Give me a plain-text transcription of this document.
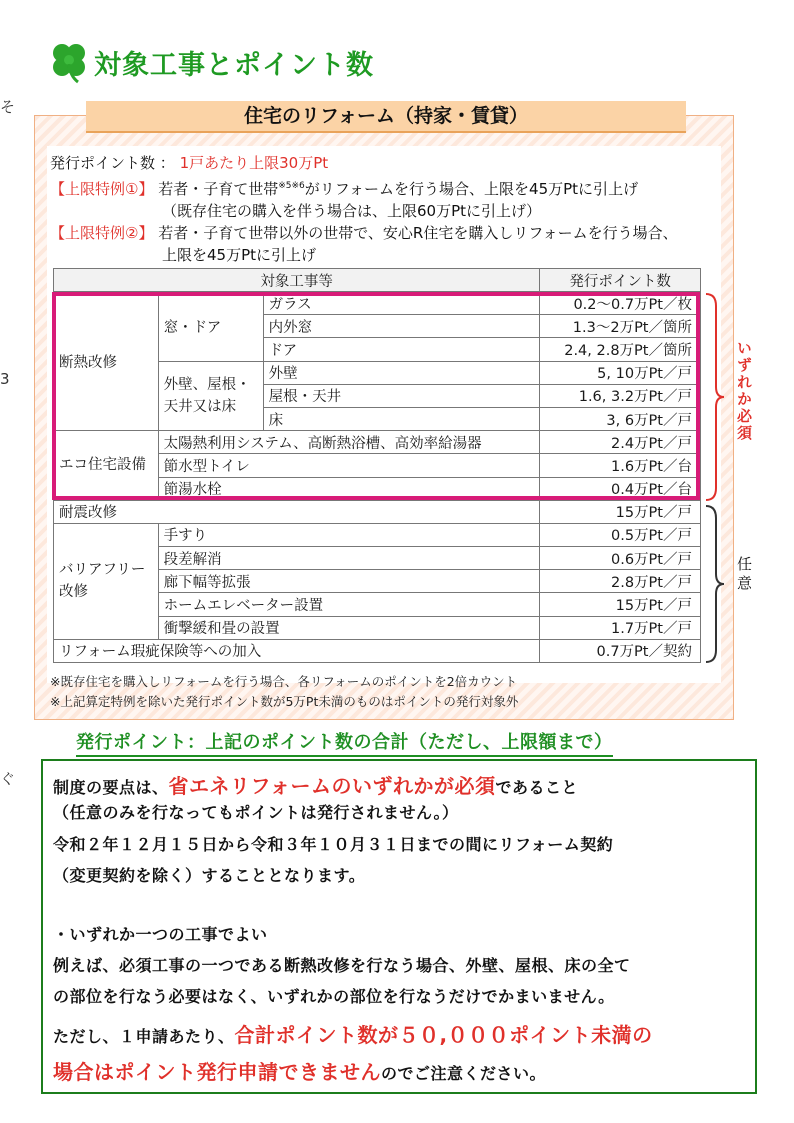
そ
3
ぐ
対象工事とポイント数
住宅のリフォーム（持家・賃貸）
発行ポイント数 ： 1戸あたり上限30万Pt
【上限特例①】 若者・子育て世帯$^{※5※6}$がリフォームを行う場合、上限を45万Ptに引上げ
（既存住宅の購入を伴う場合は、上限60万Ptに引上げ）
【上限特例②】 若者・子育て世帯以外の世帯で、安心R住宅を購入しリフォームを行う場合、
上限を45万Ptに引上げ
対象工事等			発行ポイント数
断熱改修	窓・ドア	ガラス	0.2～0.7万Pt／枚
		内外窓	1.3～2万Pt／箇所
		ドア	2.4, 2.8万Pt／箇所
	外壁、屋根・天井又は床	外壁	5, 10万Pt／戸
		屋根・天井	1.6, 3.2万Pt／戸
		床	3, 6万Pt／戸
エコ住宅設備	太陽熱利用システム、高断熱浴槽、高効率給湯器		2.4万Pt／戸
	節水型トイレ		1.6万Pt／台
	節湯水栓		0.4万Pt／台
耐震改修			15万Pt／戸
バリアフリー改修	手すり		0.5万Pt／戸
	段差解消		0.6万Pt／戸
	廊下幅等拡張		2.8万Pt／戸
	ホームエレベーター設置		15万Pt／戸
	衝撃緩和畳の設置		1.7万Pt／戸
リフォーム瑕疵保険等への加入			0.7万Pt／契約
いずれか必須
任意
※既存住宅を購入しリフォームを行う場合、各リフォームのポイントを2倍カウント
※上記算定特例を除いた発行ポイント数が5万Pt未満のものはポイントの発行対象外
発行ポイント：上記のポイント数の合計（ただし、上限額まで）
制度の要点は、省エネリフォームのいずれかが必須であること
（任意のみを行なってもポイントは発行されません。）
令和２年１２月１５日から令和３年１０月３１日までの間にリフォーム契約
（変更契約を除く）することとなります。
・いずれか一つの工事でよい
例えば、必須工事の一つである断熱改修を行なう場合、外壁、屋根、床の全て
の部位を行なう必要はなく、いずれかの部位を行なうだけでかまいません。
ただし、１申請あたり、合計ポイント数が５０,０００ポイント未満の
場合はポイント発行申請できませんのでご注意ください。
